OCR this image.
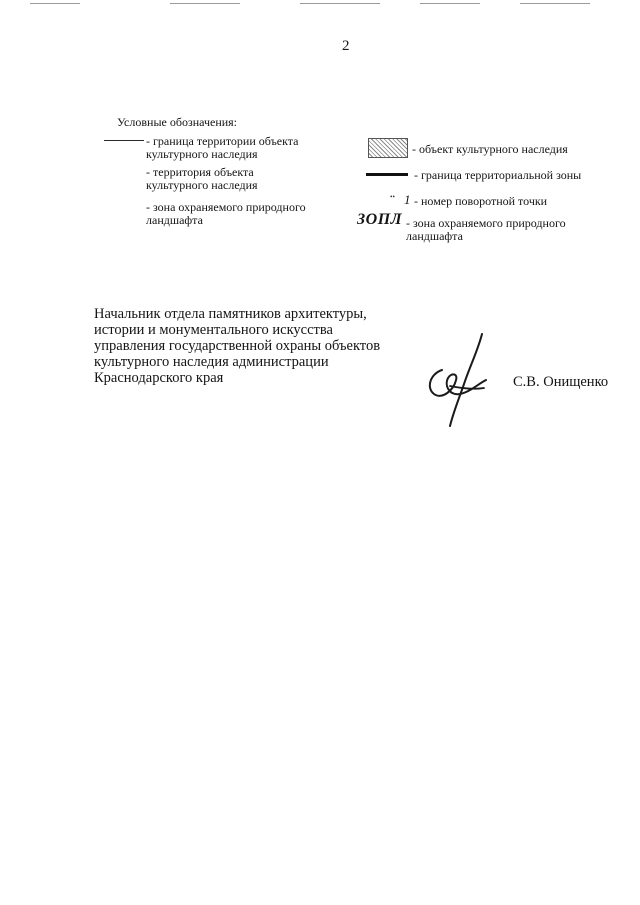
2
Условные обозначения:
- граница территории объекта
культурного наследия
- территория объекта
культурного наследия
- зона охраняемого природного
ландшафта
- объект культурного наследия
- граница территориальной зоны
•• 1 - номер поворотной точки
ЗОПЛ - зона охраняемого природного
ландшафта
Начальник отдела памятников архитектуры,
истории и монументального искусства
управления государственной охраны объектов
культурного наследия администрации
Краснодарского края	С.В. Онищенко
